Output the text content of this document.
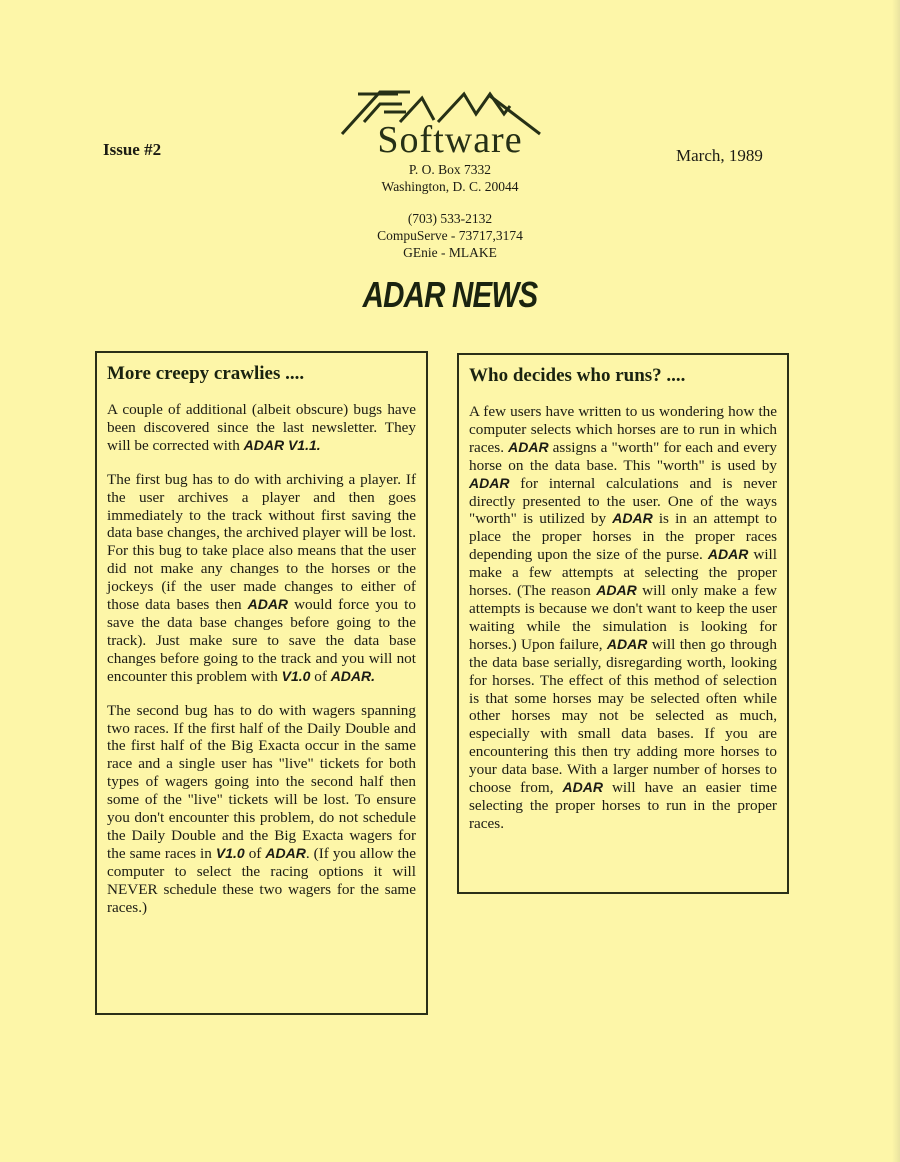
Issue #2	March, 1989
Software
P. O. Box 7332
Washington, D. C. 20044
(703) 533-2132
CompuServe - 73717,3174
GEnie - MLAKE
ADAR NEWS
More creepy crawlies ....

A couple of additional (albeit obscure) bugs have been discovered since the last newsletter. They will be corrected with ADAR V1.1.

The first bug has to do with archiving a player. If the user archives a player and then goes immediately to the track without first saving the data base changes, the archived player will be lost. For this bug to take place also means that the user did not make any changes to the horses or the jockeys (if the user made changes to either of those data bases then ADAR would force you to save the data base changes before going to the track). Just make sure to save the data base changes before going to the track and you will not encounter this problem with V1.0 of ADAR.

The second bug has to do with wagers spanning two races. If the first half of the Daily Double and the first half of the Big Exacta occur in the same race and a single user has "live" tickets for both types of wagers going into the second half then some of the "live" tickets will be lost. To ensure you don't encounter this problem, do not schedule the Daily Double and the Big Exacta wagers for the same races in V1.0 of ADAR. (If you allow the computer to select the racing options it will NEVER schedule these two wagers for the same races.)

Who decides who runs? ....

A few users have written to us wondering how the computer selects which horses are to run in which races. ADAR assigns a "worth" for each and every horse on the data base. This "worth" is used by ADAR for internal calculations and is never directly presented to the user. One of the ways "worth" is utilized by ADAR is in an attempt to place the proper horses in the proper races depending upon the size of the purse. ADAR will make a few attempts at selecting the proper horses. (The reason ADAR will only make a few attempts is because we don't want to keep the user waiting while the simulation is looking for horses.) Upon failure, ADAR will then go through the data base serially, disregarding worth, looking for horses. The effect of this method of selection is that some horses may be selected often while other horses may not be selected as much, especially with small data bases. If you are encountering this then try adding more horses to your data base. With a larger number of horses to choose from, ADAR will have an easier time selecting the proper horses to run in the proper races.
